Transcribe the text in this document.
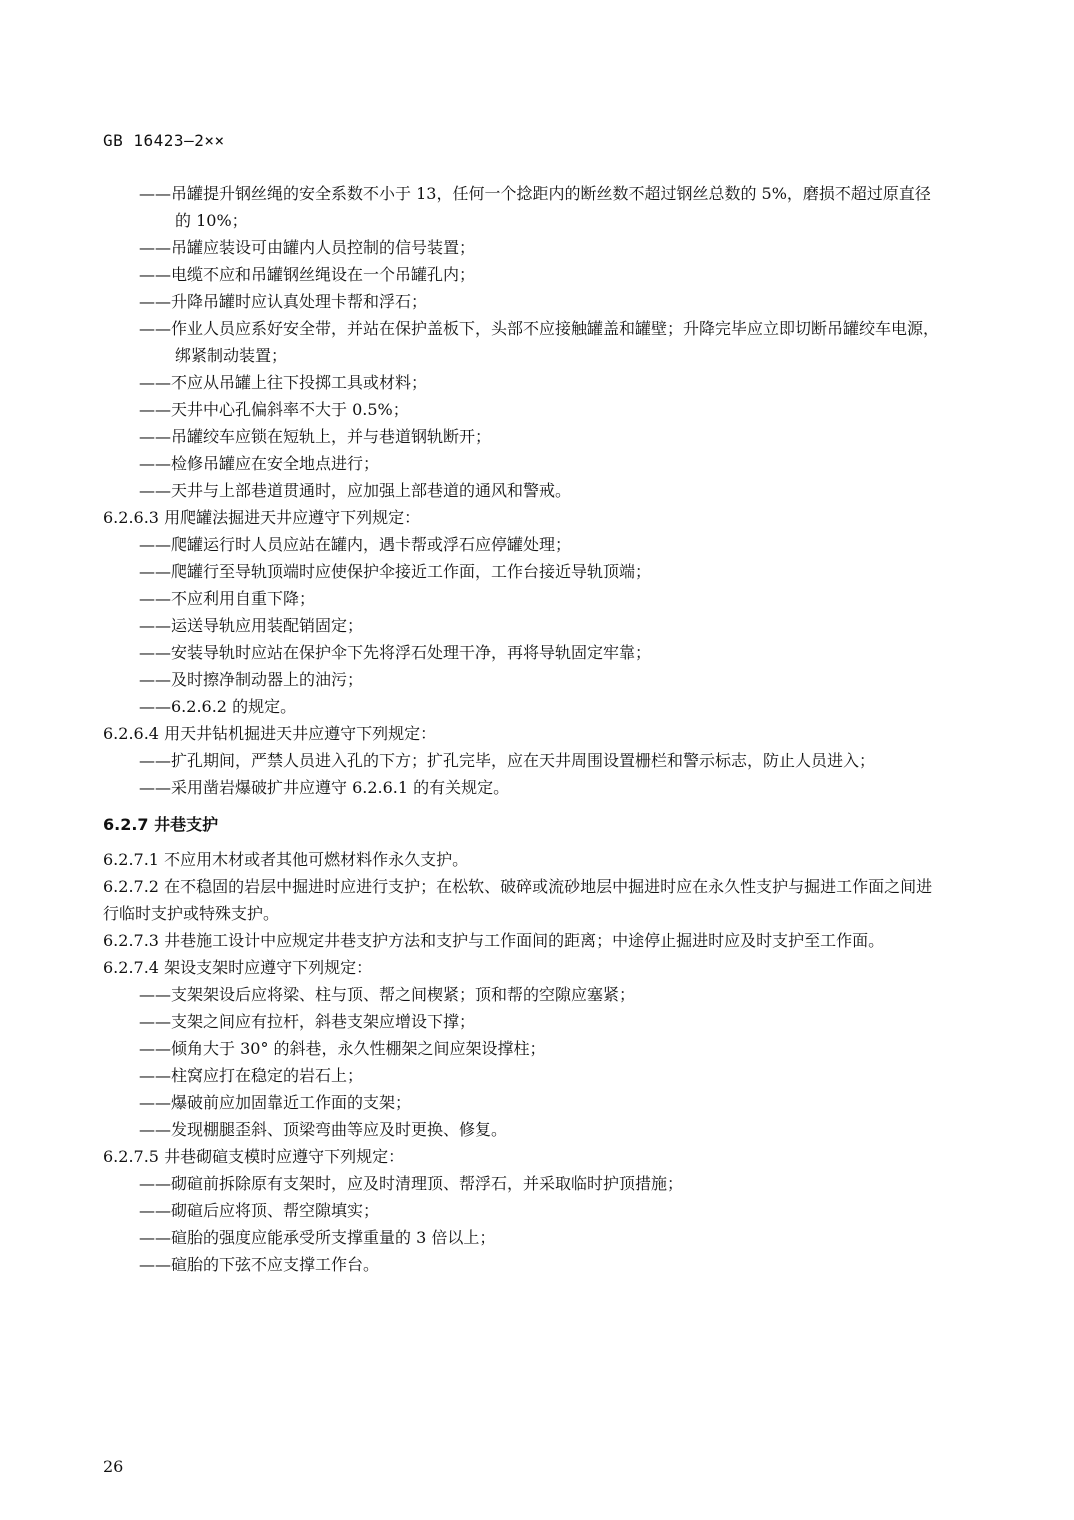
GB 16423—2××

——吊罐提升钢丝绳的安全系数不小于 13，任何一个捻距内的断丝数不超过钢丝总数的 5%，磨损不超过原直径的 10%；

——吊罐应装设可由罐内人员控制的信号装置；

——电缆不应和吊罐钢丝绳设在一个吊罐孔内；

——升降吊罐时应认真处理卡帮和浮石；

——作业人员应系好安全带，并站在保护盖板下，头部不应接触罐盖和罐壁；升降完毕应立即切断吊罐绞车电源，绑紧制动装置；

——不应从吊罐上往下投掷工具或材料；

——天井中心孔偏斜率不大于 0.5%；

——吊罐绞车应锁在短轨上，并与巷道钢轨断开；

——检修吊罐应在安全地点进行；

——天井与上部巷道贯通时，应加强上部巷道的通风和警戒。

6.2.6.3 用爬罐法掘进天井应遵守下列规定：

——爬罐运行时人员应站在罐内，遇卡帮或浮石应停罐处理；

——爬罐行至导轨顶端时应使保护伞接近工作面，工作台接近导轨顶端；

——不应利用自重下降；

——运送导轨应用装配销固定；

——安装导轨时应站在保护伞下先将浮石处理干净，再将导轨固定牢靠；

——及时擦净制动器上的油污；

——6.2.6.2 的规定。

6.2.6.4 用天井钻机掘进天井应遵守下列规定：

——扩孔期间，严禁人员进入孔的下方；扩孔完毕，应在天井周围设置栅栏和警示标志，防止人员进入；

——采用凿岩爆破扩井应遵守 6.2.6.1 的有关规定。

6.2.7 井巷支护

6.2.7.1 不应用木材或者其他可燃材料作永久支护。

6.2.7.2 在不稳固的岩层中掘进时应进行支护；在松软、破碎或流砂地层中掘进时应在永久性支护与掘进工作面之间进行临时支护或特殊支护。

6.2.7.3 井巷施工设计中应规定井巷支护方法和支护与工作面间的距离；中途停止掘进时应及时支护至工作面。

6.2.7.4 架设支架时应遵守下列规定：

——支架架设后应将梁、柱与顶、帮之间楔紧；顶和帮的空隙应塞紧；

——支架之间应有拉杆，斜巷支架应增设下撑；

——倾角大于 30° 的斜巷，永久性棚架之间应架设撑柱；

——柱窝应打在稳定的岩石上；

——爆破前应加固靠近工作面的支架；

——发现棚腿歪斜、顶梁弯曲等应及时更换、修复。

6.2.7.5 井巷砌碹支模时应遵守下列规定：

——砌碹前拆除原有支架时，应及时清理顶、帮浮石，并采取临时护顶措施；

——砌碹后应将顶、帮空隙填实；

——碹胎的强度应能承受所支撑重量的 3 倍以上；

——碹胎的下弦不应支撑工作台。

26
